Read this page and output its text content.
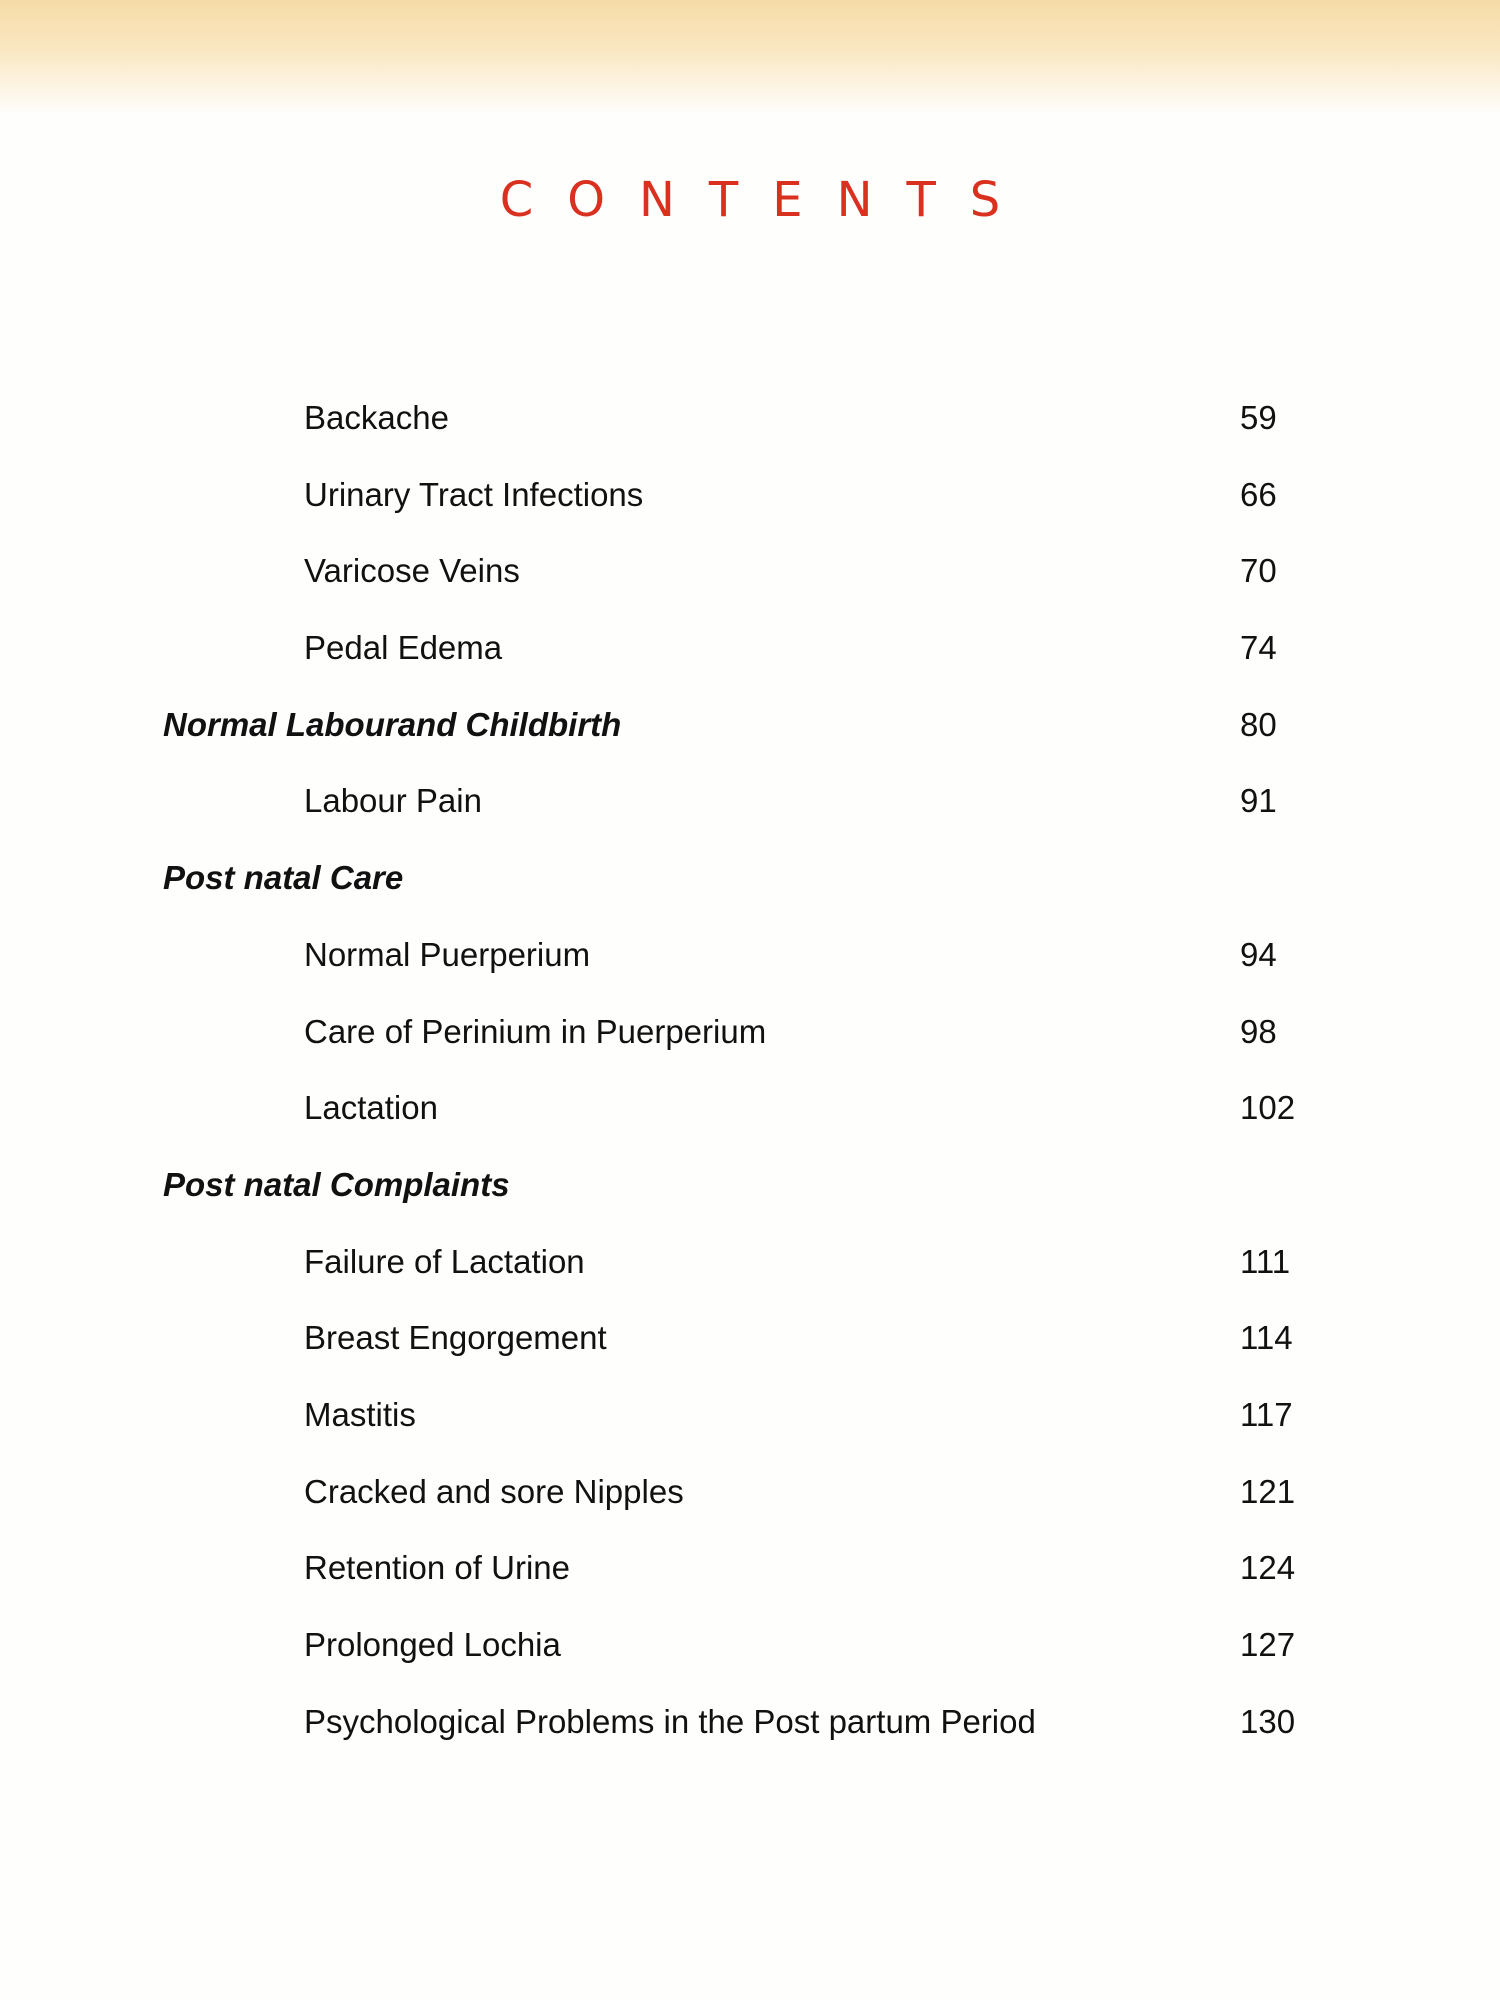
CONTENTS
Backache	59
Urinary Tract Infections	66
Varicose Veins	70
Pedal Edema	74
Normal Labourand Childbirth	80
Labour Pain	91
Post natal Care
Normal Puerperium	94
Care of Perinium in Puerperium	98
Lactation	102
Post natal Complaints
Failure of Lactation	111
Breast Engorgement	114
Mastitis	117
Cracked and sore Nipples	121
Retention of Urine	124
Prolonged Lochia	127
Psychological Problems in the Post partum Period	130
